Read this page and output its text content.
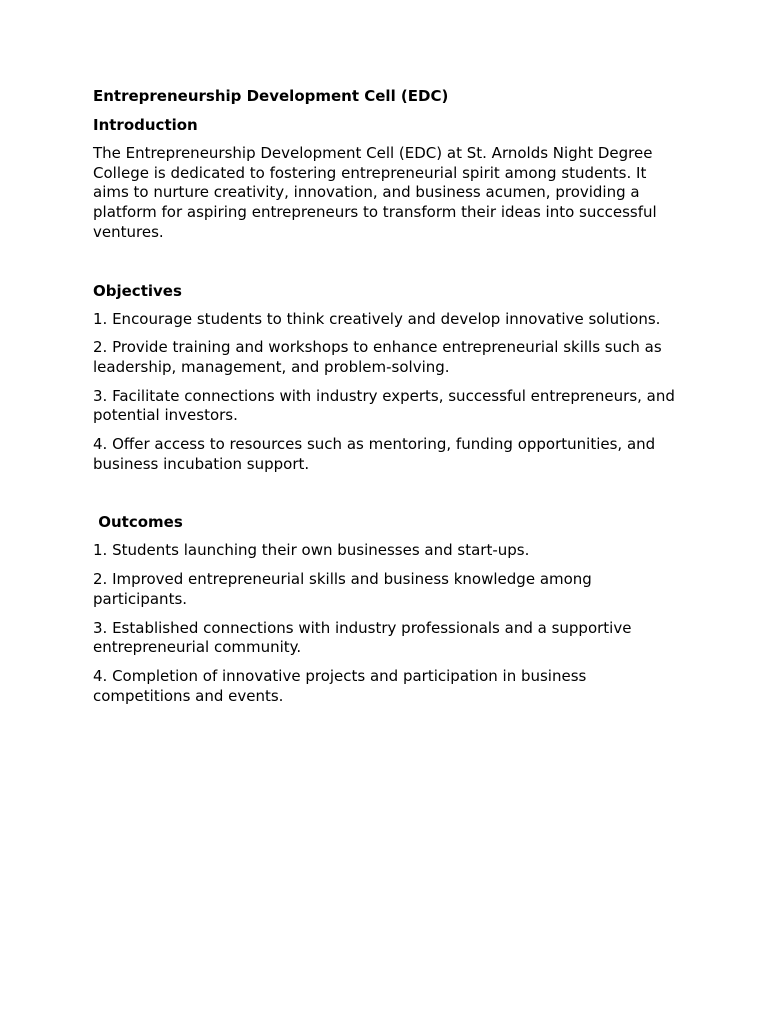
Entrepreneurship Development Cell (EDC)
Introduction
The Entrepreneurship Development Cell (EDC) at St. Arnolds Night Degree College is dedicated to fostering entrepreneurial spirit among students. It aims to nurture creativity, innovation, and business acumen, providing a platform for aspiring entrepreneurs to transform their ideas into successful ventures.
Objectives
1. Encourage students to think creatively and develop innovative solutions.
2. Provide training and workshops to enhance entrepreneurial skills such as leadership, management, and problem-solving.
3. Facilitate connections with industry experts, successful entrepreneurs, and potential investors.
4. Offer access to resources such as mentoring, funding opportunities, and business incubation support.
Outcomes
1. Students launching their own businesses and start-ups.
2. Improved entrepreneurial skills and business knowledge among participants.
3. Established connections with industry professionals and a supportive entrepreneurial community.
4. Completion of innovative projects and participation in business competitions and events.
